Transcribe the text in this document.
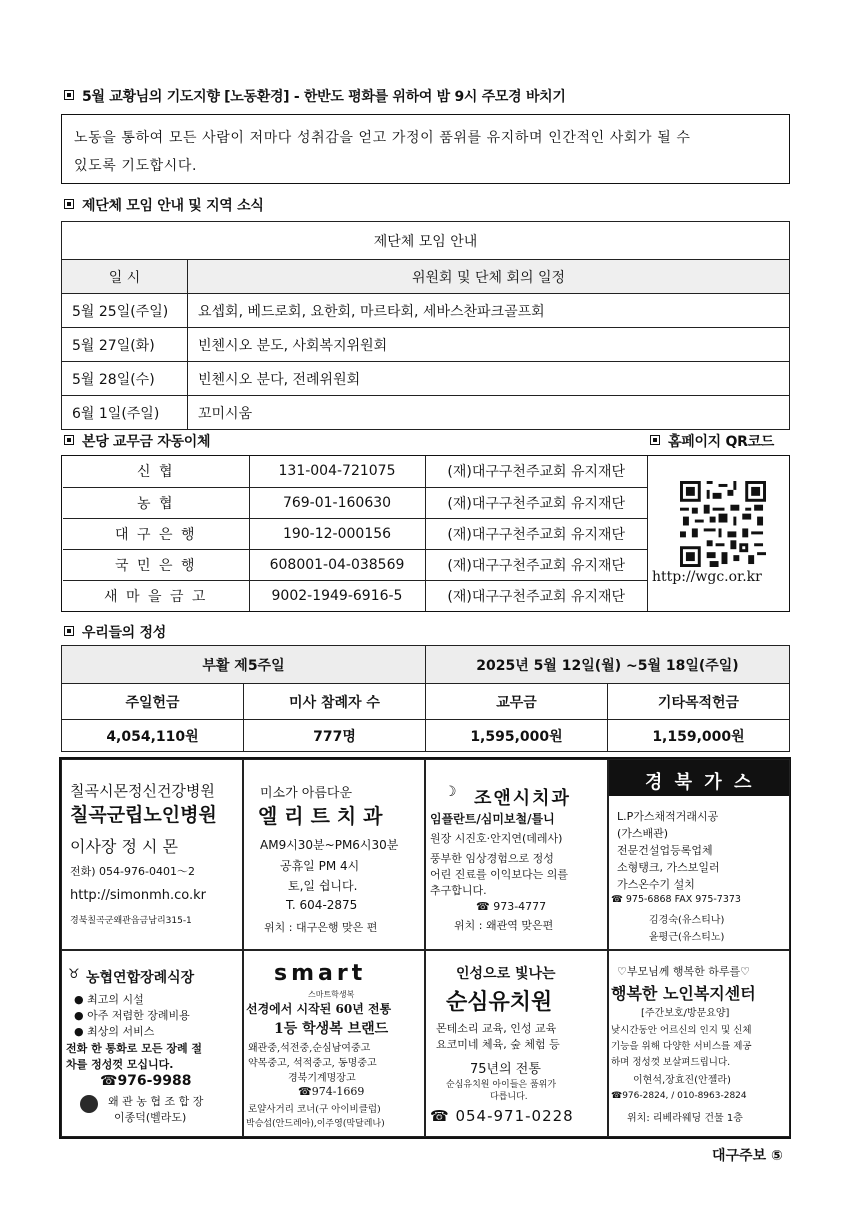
5월 교황님의 기도지향 [노동환경] - 한반도 평화를 위하여 밤 9시 주모경 바치기
노동을 통하여 모든 사람이 저마다 성취감을 얻고 가정이 품위를 유지하며 인간적인 사회가 될 수
있도록 기도합시다.
제단체 모임 안내 및 지역 소식
제단체 모임 안내	
일 시	위원회 및 단체 회의 일정
5월 25일(주일)	요셉회, 베드로회, 요한회, 마르타회, 세바스찬파크골프회
5월 27일(화)	빈첸시오 분도, 사회복지위원회
5월 28일(수)	빈첸시오 분다, 전례위원회
6월 1일(주일)	꼬미시움
본당 교무금 자동이체	홈페이지 QR코드
신 협	131-004-721075	(재)대구구천주교회 유지재단
농 협	769-01-160630	(재)대구구천주교회 유지재단
대 구 은 행	190-12-000156	(재)대구구천주교회 유지재단
국 민 은 행	608001-04-038569	(재)대구구천주교회 유지재단
새 마 을 금 고	9002-1949-6916-5	(재)대구구천주교회 유지재단
http://wgc.or.kr
우리들의 정성
부활 제5주일		2025년 5월 12일(월) ~5월 18일(주일)	
주일헌금	미사 참례자 수	교무금	기타목적헌금
4,054,110원	777명	1,595,000원	1,159,000원
칠곡시몬정신건강병원
칠곡군립노인병원
이사장 정 시 몬
전화) 054-976-0401～2
http://simonmh.co.kr
경북칠곡군왜관읍금남리315-1
미소가 아름다운
엘 리 트 치 과
AM9시30분~PM6시30분
공휴일 PM 4시
토,일 쉽니다.
T. 604-2875
위치 : 대구은행 맞은 편
☽ 조앤시치과
임플란트/심미보철/틀니
원장 시진호·안지연(데레사)
풍부한 임상경험으로 정성
어린 진료를 이익보다는 의를
추구합니다.
☎ 973-4777
위치 : 왜관역 맞은편
경 북 가 스
L.P가스채적거래시공
(가스배관)
전문건설업등록업체
소형탱크, 가스보일러
가스온수기 설치
☎ 975-6868 FAX 975-7373
김경숙(유스티나)
윤평근(유스티노)
♉ 농협연합장례식장
● 최고의 시설
● 아주 저렴한 장례비용
● 최상의 서비스
전화 한 통화로 모든 장례 절
차를 정성껏 모십니다.
☎976-9988
왜 관 농 협 조 합 장
이종덕(벨라도)
smart
스마트학생복
선경에서 시작된 60년 전통
1등 학생복 브랜드
왜관중,석전중,순심남여중고
약목중고, 석적중고, 동명중고
경북기계명장고
☎974-1669
로얄사거리 코너(구 아이비클럽)
박승섭(안드레아),이주영(막달레나)
인성으로 빛나는
순심유치원
몬테소리 교육, 인성 교육
요코미네 체육, 숲 체험 등
75년의 전통
순심유치원 아이들은 품위가
다릅니다.
☎ 054-971-0228
♡부모님께 행복한 하루를♡
행복한 노인복지센터
[주간보호/방문요양]
낮시간동안 어르신의 인지 및 신체
기능을 위해 다양한 서비스를 제공
하며 정성껏 보살펴드립니다.
이현석,장효진(안젤라)
☎976-2824, / 010-8963-2824
위치: 리베라웨딩 건물 1층
대구주보 ⑤
